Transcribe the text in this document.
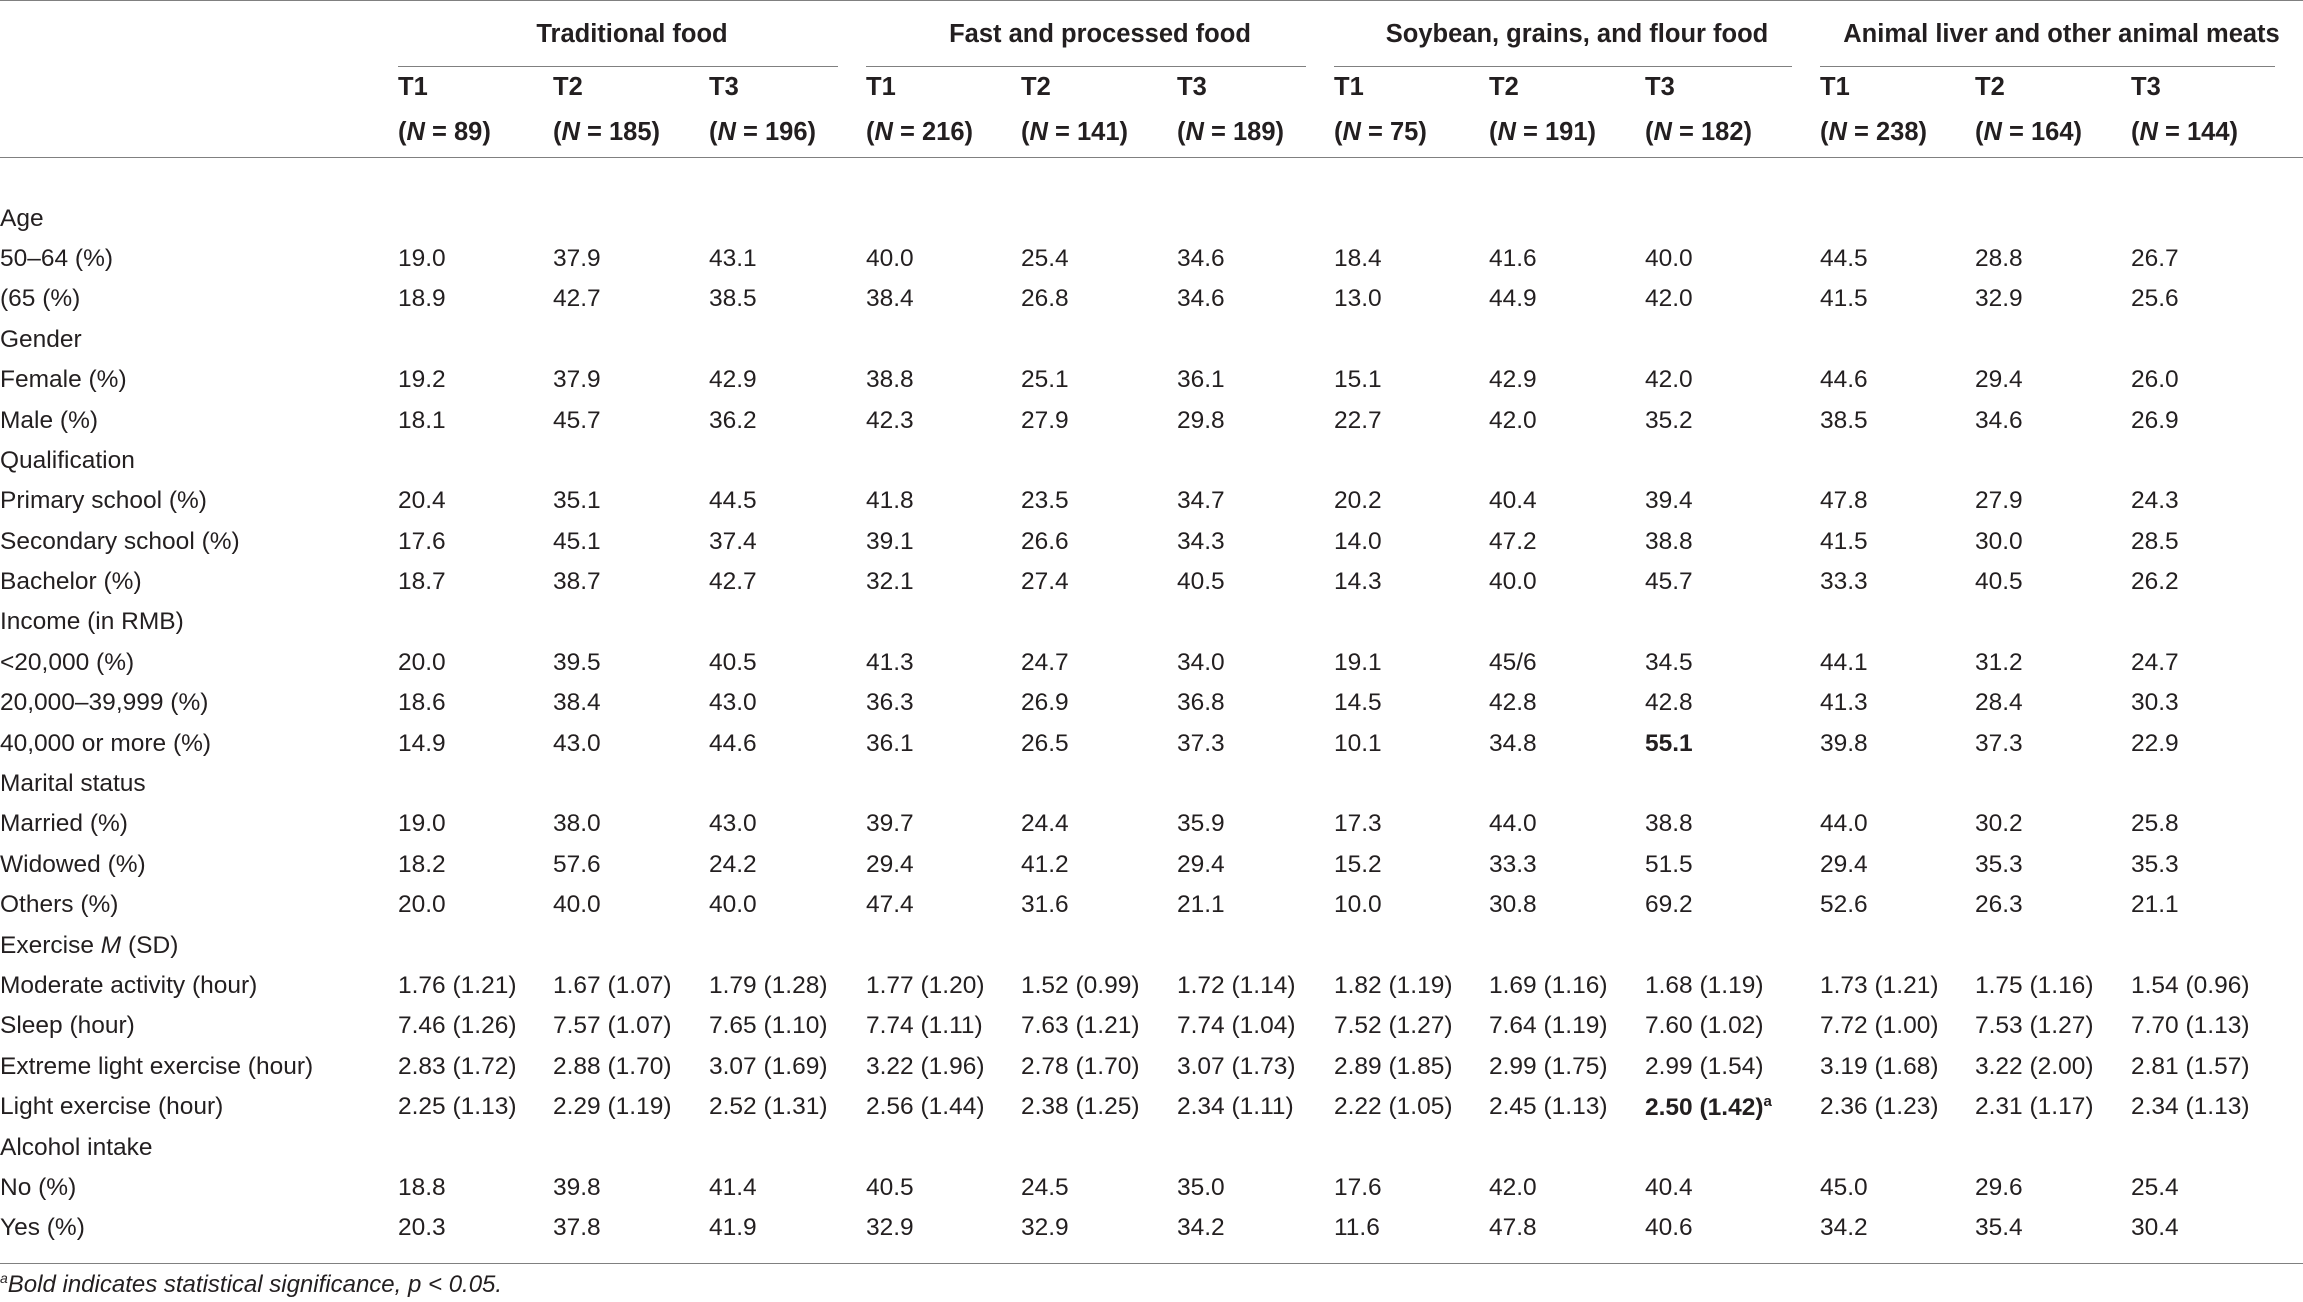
	Traditional food			Fast and processed food			Soybean, grains, and flour food			Animal liver and other animal meats		

	T1	T2	T3	T1	T2	T3	T1	T2	T3	T1	T2	T3
	(N = 89)	(N = 185)	(N = 196)	(N = 216)	(N = 141)	(N = 189)	(N = 75)	(N = 191)	(N = 182)	(N = 238)	(N = 164)	(N = 144)

Age												
50–64 (%)	19.0	37.9	43.1	40.0	25.4	34.6	18.4	41.6	40.0	44.5	28.8	26.7
(65 (%)	18.9	42.7	38.5	38.4	26.8	34.6	13.0	44.9	42.0	41.5	32.9	25.6
Gender												
Female (%)	19.2	37.9	42.9	38.8	25.1	36.1	15.1	42.9	42.0	44.6	29.4	26.0
Male (%)	18.1	45.7	36.2	42.3	27.9	29.8	22.7	42.0	35.2	38.5	34.6	26.9
Qualification												
Primary school (%)	20.4	35.1	44.5	41.8	23.5	34.7	20.2	40.4	39.4	47.8	27.9	24.3
Secondary school (%)	17.6	45.1	37.4	39.1	26.6	34.3	14.0	47.2	38.8	41.5	30.0	28.5
Bachelor (%)	18.7	38.7	42.7	32.1	27.4	40.5	14.3	40.0	45.7	33.3	40.5	26.2
Income (in RMB)												
<20,000 (%)	20.0	39.5	40.5	41.3	24.7	34.0	19.1	45/6	34.5	44.1	31.2	24.7
20,000–39,999 (%)	18.6	38.4	43.0	36.3	26.9	36.8	14.5	42.8	42.8	41.3	28.4	30.3
40,000 or more (%)	14.9	43.0	44.6	36.1	26.5	37.3	10.1	34.8	55.1	39.8	37.3	22.9
Marital status												
Married (%)	19.0	38.0	43.0	39.7	24.4	35.9	17.3	44.0	38.8	44.0	30.2	25.8
Widowed (%)	18.2	57.6	24.2	29.4	41.2	29.4	15.2	33.3	51.5	29.4	35.3	35.3
Others (%)	20.0	40.0	40.0	47.4	31.6	21.1	10.0	30.8	69.2	52.6	26.3	21.1
Exercise M (SD)												
Moderate activity (hour)	1.76 (1.21)	1.67 (1.07)	1.79 (1.28)	1.77 (1.20)	1.52 (0.99)	1.72 (1.14)	1.82 (1.19)	1.69 (1.16)	1.68 (1.19)	1.73 (1.21)	1.75 (1.16)	1.54 (0.96)
Sleep (hour)	7.46 (1.26)	7.57 (1.07)	7.65 (1.10)	7.74 (1.11)	7.63 (1.21)	7.74 (1.04)	7.52 (1.27)	7.64 (1.19)	7.60 (1.02)	7.72 (1.00)	7.53 (1.27)	7.70 (1.13)
Extreme light exercise (hour)	2.83 (1.72)	2.88 (1.70)	3.07 (1.69)	3.22 (1.96)	2.78 (1.70)	3.07 (1.73)	2.89 (1.85)	2.99 (1.75)	2.99 (1.54)	3.19 (1.68)	3.22 (2.00)	2.81 (1.57)
Light exercise (hour)	2.25 (1.13)	2.29 (1.19)	2.52 (1.31)	2.56 (1.44)	2.38 (1.25)	2.34 (1.11)	2.22 (1.05)	2.45 (1.13)	2.50 (1.42)$^a$	2.36 (1.23)	2.31 (1.17)	2.34 (1.13)
Alcohol intake												
No (%)	18.8	39.8	41.4	40.5	24.5	35.0	17.6	42.0	40.4	45.0	29.6	25.4
Yes (%)	20.3	37.8	41.9	32.9	32.9	34.2	11.6	47.8	40.6	34.2	35.4	30.4

$^a$Bold indicates statistical significance, p < 0.05.
